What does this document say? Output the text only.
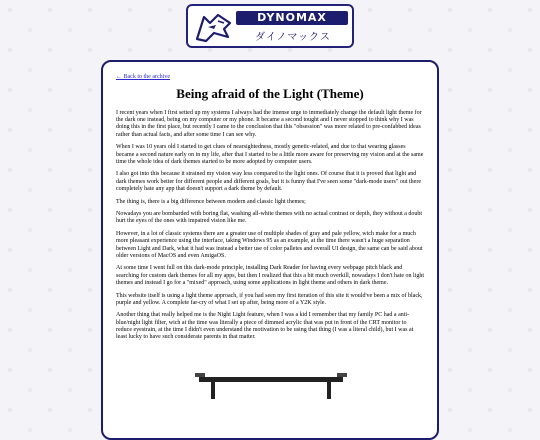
DYNOMAX
ダイノマックス
← Back to the archive
Being afraid of the Light (Theme)

I recent years when I first setted up my systems I always had the imense urge to immediately change the default light theme for the dark one instead, being on my computer or my phone. It became a second tought and I never stopped to think why I was doing this in the first place, but recently I came to the conclusion that this "obsession" was more related to pre-confabbed ideas rather than actual facts, and after some time I can see why.

When I was 10 years old I started to get clues of nearsightedness, mostly genetic-related, and due to that wearing glasses became a second nature early on in my life, after that I started to be a little more aware for preserving my vision and at the same time the whole idea of dark themes started to be more adopted by computer users.

I also got into this because it strained my vision way less compared to the light ones. Of course that it is proved that light and dark themes work better for different people and different goals, but it is funny that I've seen some "dark-mode users" out there completely hate any app that doesn't support a dark theme by default.

The thing is, there is a big difference between modern and classic light themes;

Nowadays you are bombarded with boring flat, washing all-white themes with no actual contrast or depth, they without a doubt hurt the eyes of the ones with impaired vision like me.

However, in a lot of classic systems there are a greater use of multiple shades of gray and pale yellow, wich make for a much more pleasant experience using the interface, taking Windows 95 as an example, at the time there wasn't a huge separation between Light and Dark, what it had was instead a better use of color palletes and overall UI design, the same can be said about older versions of MacOS and even AmigaOS.

At some time I went full on this dark-mode principle, installing Dark Reader for having every webpage pitch black and searching for custom dark themes for all my apps, but then I realized that this a bit much overkill, nowadays I don't hate on light themes and instead I go for a "mixed" approach, using some applications in light theme and others in dark theme.

This website itself is using a light theme approach, if you had seen my first iteration of this site it would've been a mix of black, purple and yellow. A complete far-cry of what I set up after, being more of a Y2K style.

Another thing that really helped me is the Night Light feature, when I was a kid I remember that my family PC had a anti-blue/night light filter, wich at the time was literally a piece of dimmed acrylic that was put in front of the CRT monitor to reduce eyestrain, at the time I didn't even understand the motivation to be using that thing (I was a literal child), but I was at least lucky to have such considerate parents in that matter.
